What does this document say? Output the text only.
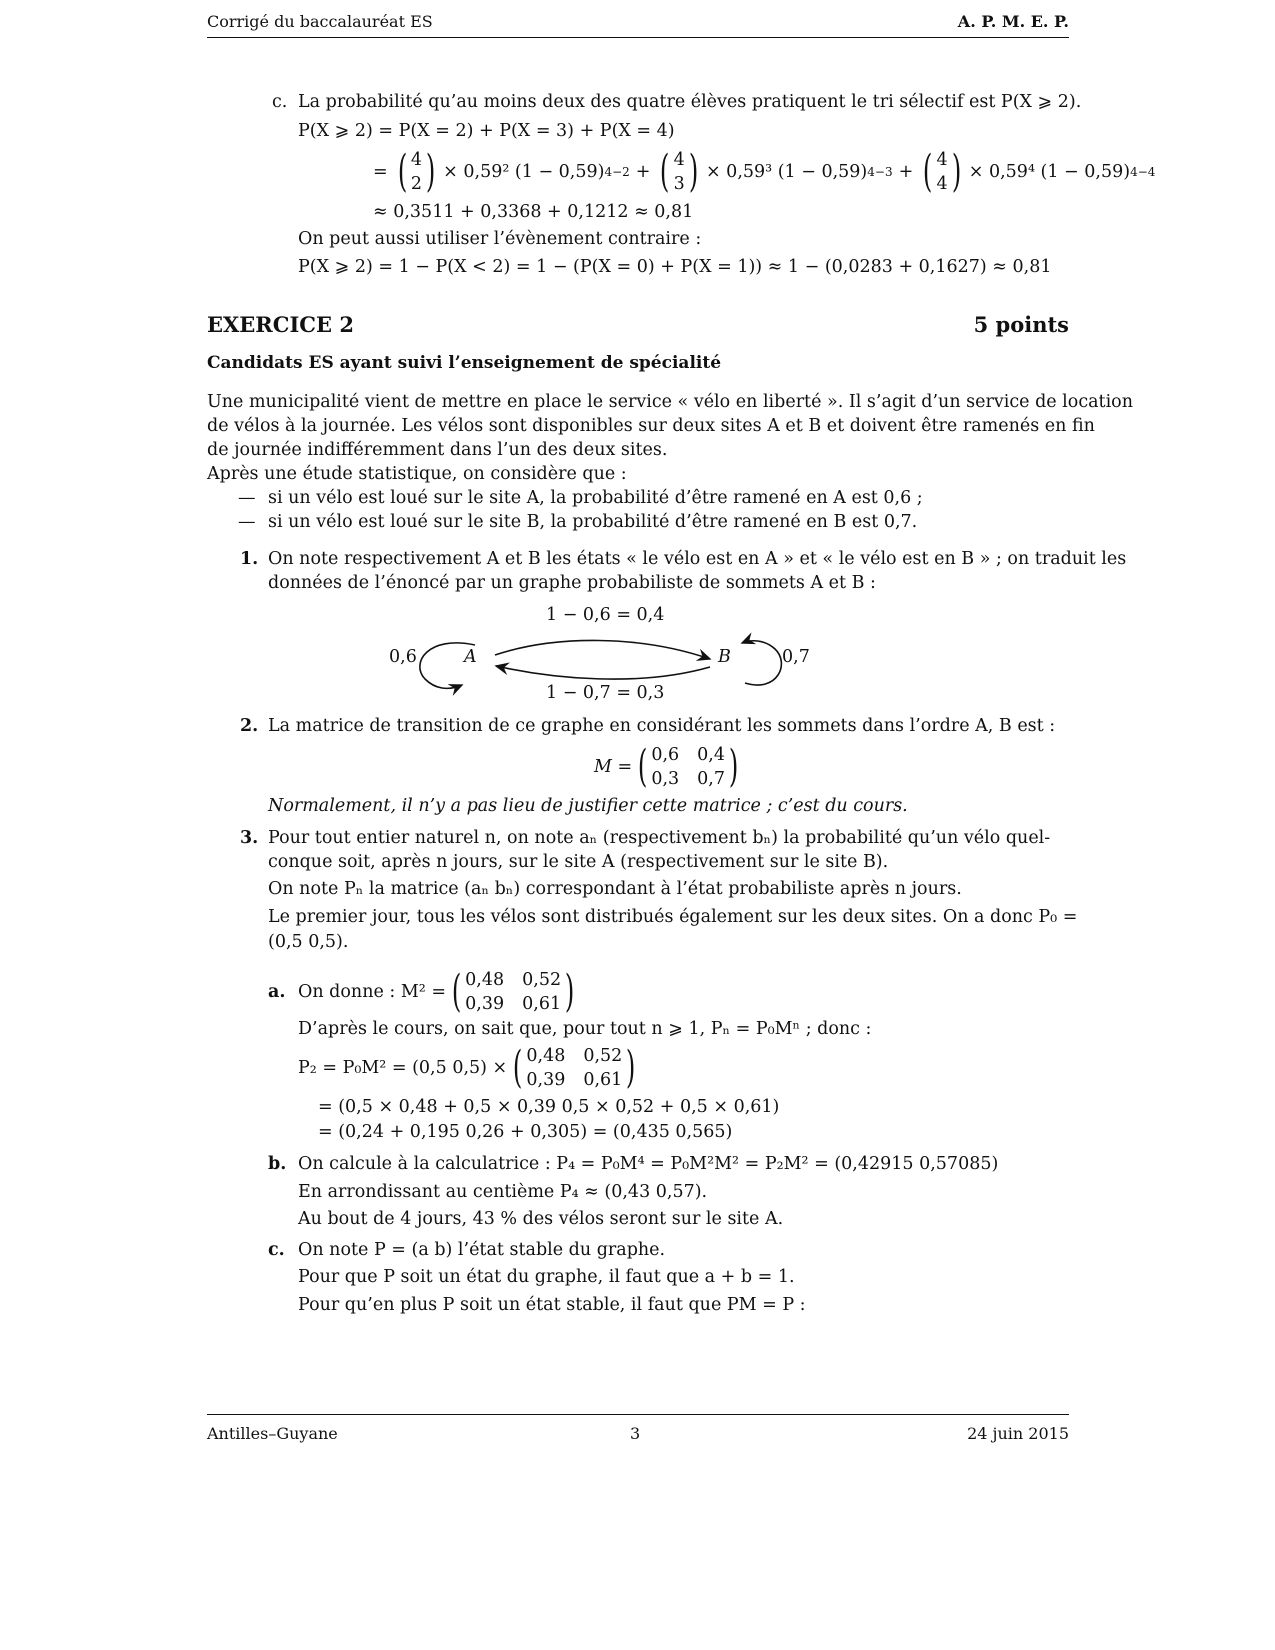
Corrigé du baccalauréat ES	A. P. M. E. P.
c. La probabilité qu’au moins deux des quatre élèves pratiquent le tri sélectif est P(X ⩾ 2).
P(X ⩾ 2) = P(X = 2) + P(X = 3) + P(X = 4)
= ( 4
2 ) × 0,59² (1 − 0,59) 4−2 + ( 4
3 ) × 0,59³ (1 − 0,59) 4−3 + ( 4
4 ) × 0,59⁴ (1 − 0,59) 4−4
≈ 0,3511 + 0,3368 + 0,1212 ≈ 0,81
On peut aussi utiliser l’évènement contraire :
P(X ⩾ 2) = 1 − P(X < 2) = 1 − (P(X = 0) + P(X = 1)) ≈ 1 − (0,0283 + 0,1627) ≈ 0,81
EXERCICE 2	5 points
Candidats ES ayant suivi l’enseignement de spécialité
Une municipalité vient de mettre en place le service « vélo en liberté ». Il s’agit d’un service de location
de vélos à la journée. Les vélos sont disponibles sur deux sites A et B et doivent être ramenés en fin
de journée indifféremment dans l’un des deux sites.
Après une étude statistique, on considère que :
— si un vélo est loué sur le site A, la probabilité d’être ramené en A est 0,6 ;
— si un vélo est loué sur le site B, la probabilité d’être ramené en B est 0,7.
1. On note respectivement A et B les états « le vélo est en A » et « le vélo est en B » ; on traduit les
données de l’énoncé par un graphe probabiliste de sommets A et B :
A	B
0,6	0,7
1 − 0,6 = 0,4
1 − 0,7 = 0,3
2. La matrice de transition de ce graphe en considérant les sommets dans l’ordre A, B est :
M = ( 0,6 0,4
0,3 0,7 )
Normalement, il n’y a pas lieu de justifier cette matrice ; c’est du cours.
3. Pour tout entier naturel n, on note aₙ (respectivement bₙ) la probabilité qu’un vélo quel-
conque soit, après n jours, sur le site A (respectivement sur le site B).
On note Pₙ la matrice (aₙ bₙ) correspondant à l’état probabiliste après n jours.
Le premier jour, tous les vélos sont distribués également sur les deux sites. On a donc P₀ =
(0,5 0,5).
a. On donne : M² = ( 0,48 0,52
0,39 0,61 )
D’après le cours, on sait que, pour tout n ⩾ 1, Pₙ = P₀Mⁿ ; donc :
P₂ = P₀M² = (0,5 0,5) × ( 0,48 0,52
0,39 0,61 )
= (0,5 × 0,48 + 0,5 × 0,39 0,5 × 0,52 + 0,5 × 0,61)
= (0,24 + 0,195 0,26 + 0,305) = (0,435 0,565)
b. On calcule à la calculatrice : P₄ = P₀M⁴ = P₀M²M² = P₂M² = (0,42915 0,57085)
En arrondissant au centième P₄ ≈ (0,43 0,57).
Au bout de 4 jours, 43 % des vélos seront sur le site A.
c. On note P = (a b) l’état stable du graphe.
Pour que P soit un état du graphe, il faut que a + b = 1.
Pour qu’en plus P soit un état stable, il faut que PM = P :
Antilles–Guyane	3	24 juin 2015
